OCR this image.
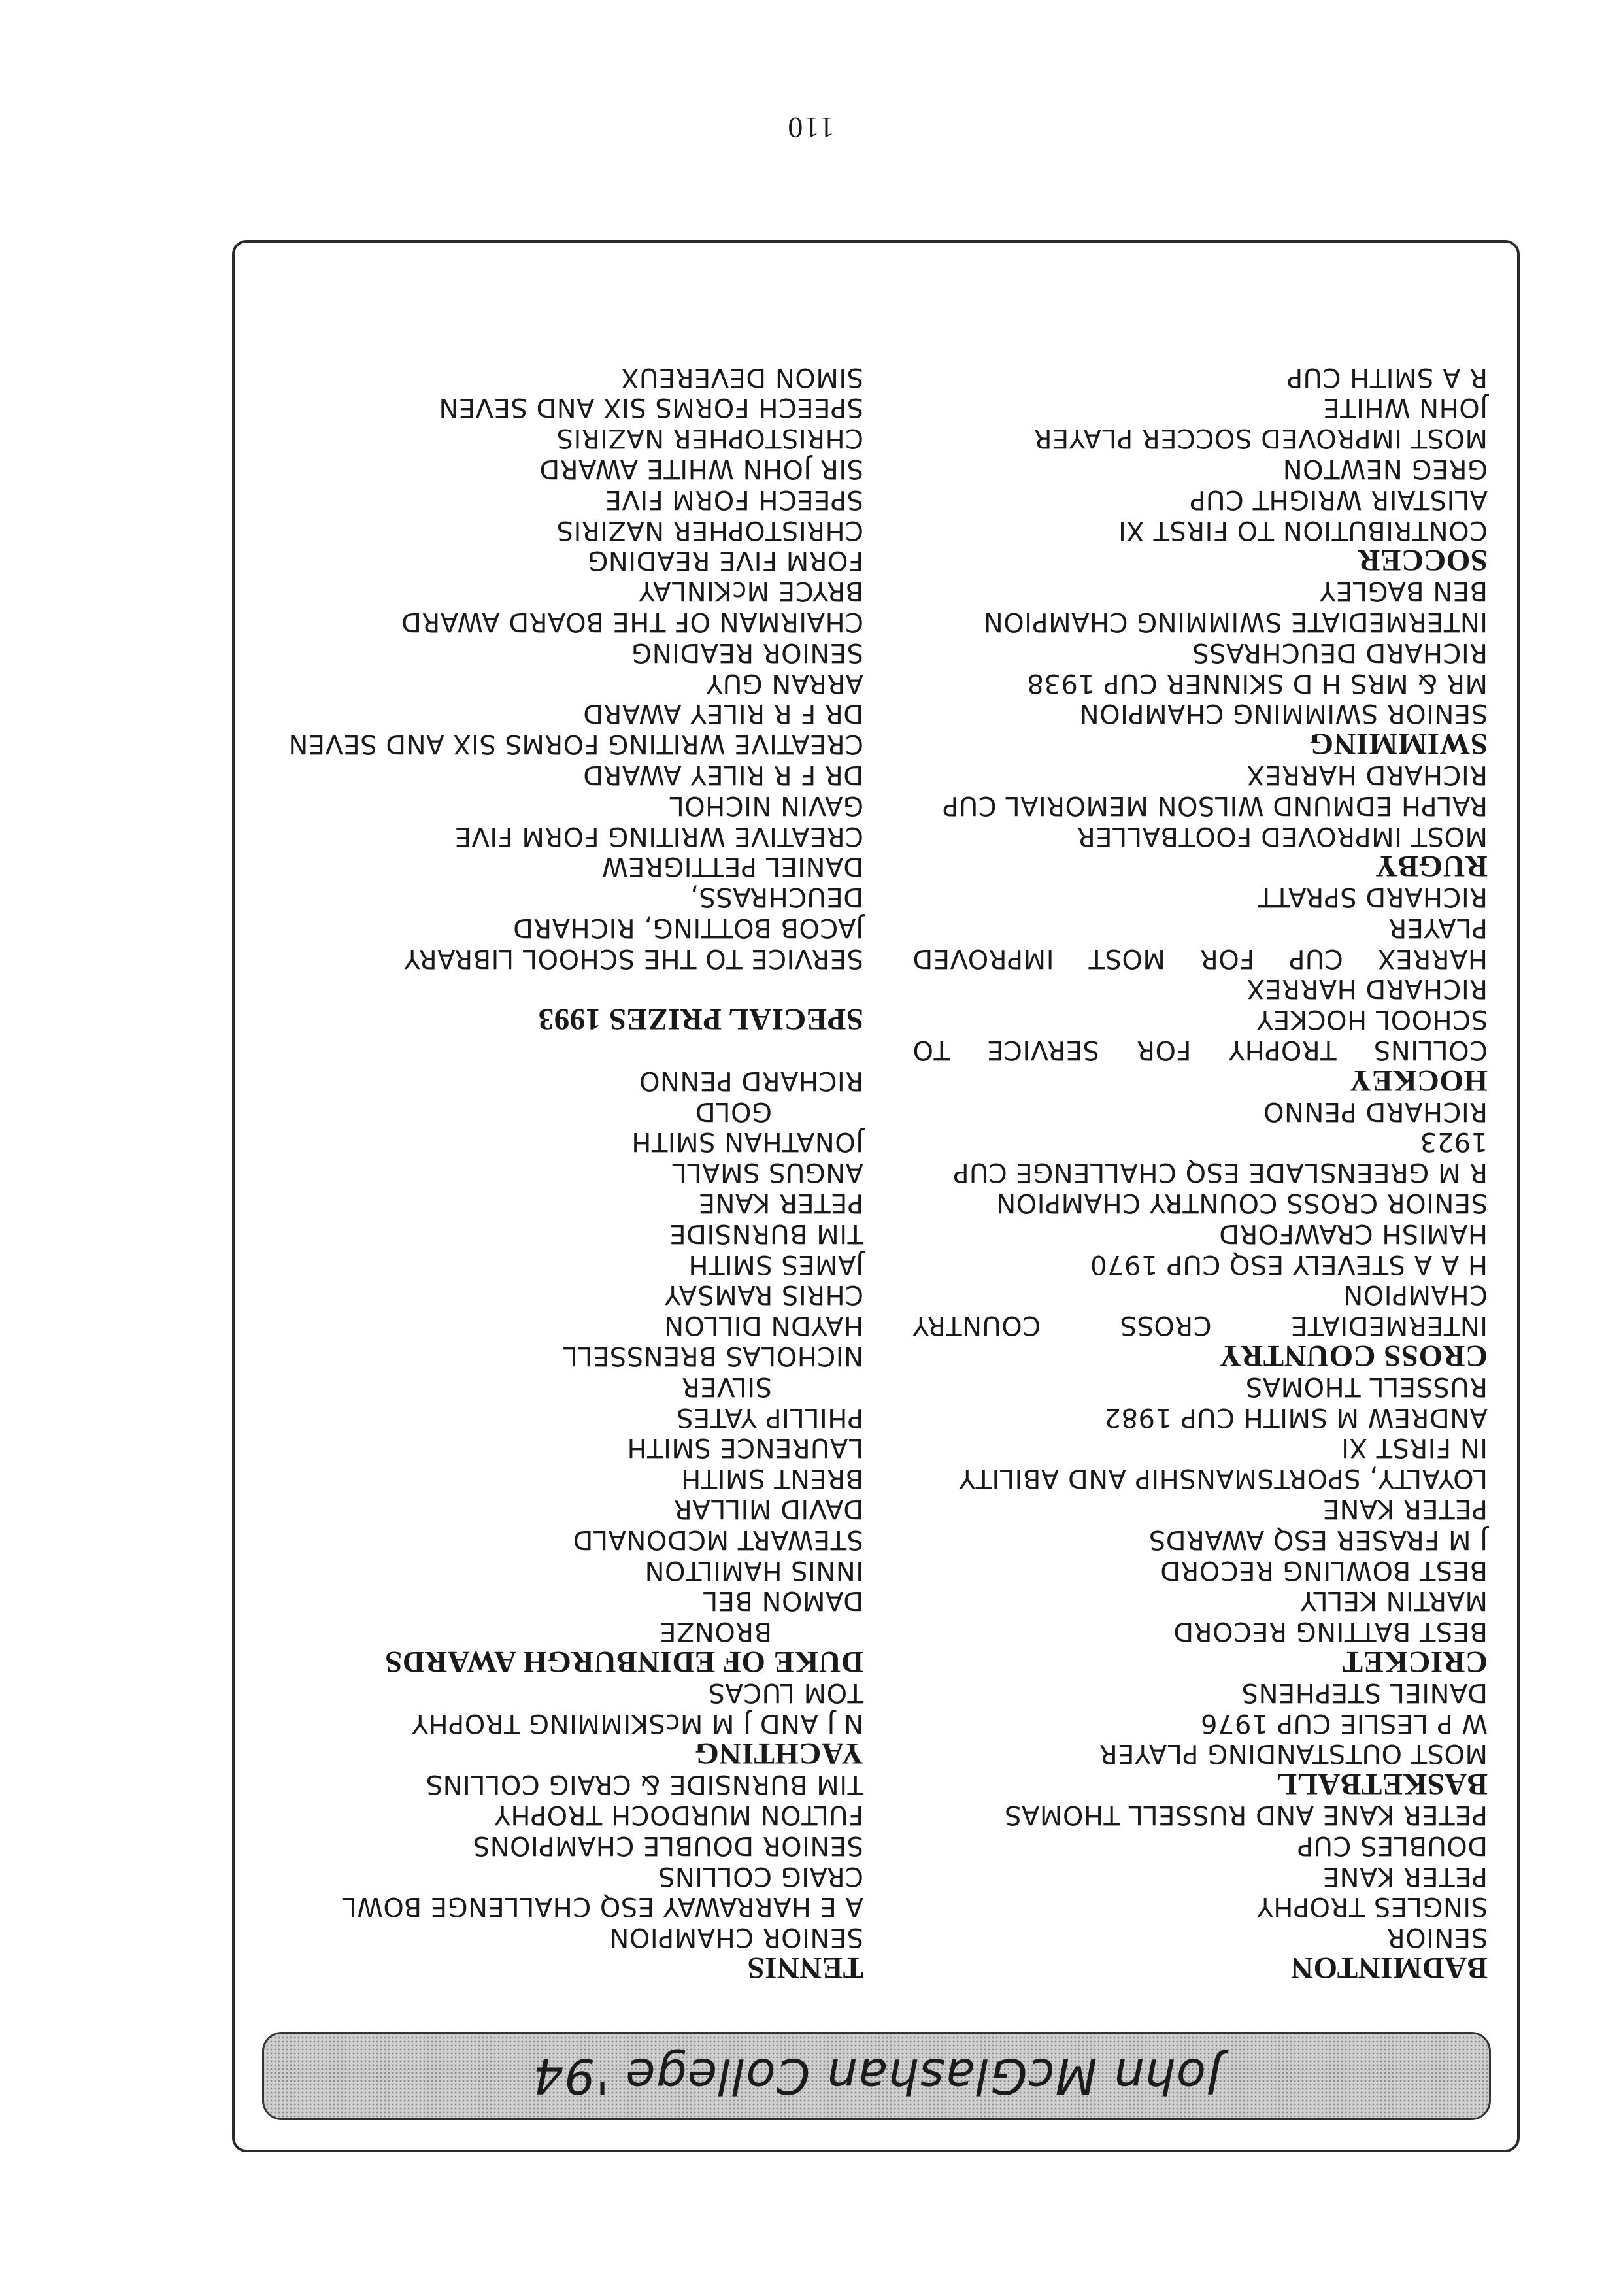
John McGlashan College '94
BADMINTON
SENIOR
SINGLES TROPHY
PETER KANE
DOUBLES CUP
PETER KANE AND RUSSELL THOMAS
BASKETBALL
MOST OUTSTANDING PLAYER
W P LESLIE CUP 1976
DANIEL STEPHENS
CRICKET
BEST BATTING RECORD
MARTIN KELLY
BEST BOWLING RECORD
J M FRASER ESQ AWARDS
PETER KANE
LOYALTY, SPORTSMANSHIP AND ABILITY
IN FIRST XI
ANDREW M SMITH CUP 1982
RUSSELL THOMAS
CROSS COUNTRY
INTERMEDIATE CROSS COUNTRY
CHAMPION
H A A STEVELY ESQ CUP 1970
HAMISH CRAWFORD
SENIOR CROSS COUNTRY CHAMPION
R M GREENSLADE ESQ CHALLENGE CUP
1923
RICHARD PENNO
HOCKEY
COLLINS TROPHY FOR SERVICE TO
SCHOOL HOCKEY
RICHARD HARREX
HARREX CUP FOR MOST IMPROVED
PLAYER
RICHARD SPRATT
RUGBY
MOST IMPROVED FOOTBALLER
RALPH EDMUND WILSON MEMORIAL CUP
RICHARD HARREX
SWIMMING
SENIOR SWIMMING CHAMPION
MR & MRS H D SKINNER CUP 1938
RICHARD DEUCHRASS
INTERMEDIATE SWIMMING CHAMPION
BEN BAGLEY
SOCCER
CONTRIBUTION TO FIRST XI
ALISTAIR WRIGHT CUP
GREG NEWTON
MOST IMPROVED SOCCER PLAYER
JOHN WHITE
R A SMITH CUP
TENNIS
SENIOR CHAMPION
A E HARRAWAY ESQ CHALLENGE BOWL
CRAIG COLLINS
SENIOR DOUBLE CHAMPIONS
FULTON MURDOCH TROPHY
TIM BURNSIDE & CRAIG COLLINS
YACHTING
N J AND J M McSKIMMING TROPHY
TOM LUCAS
DUKE OF EDINBURGH AWARDS
BRONZE
DAMON BEL
INNIS HAMILTON
STEWART MCDONALD
DAVID MILLAR
BRENT SMITH
LAURENCE SMITH
PHILLIP YATES
SILVER
NICHOLAS BRENSSELL
HAYDN DILLON
CHRIS RAMSAY
JAMES SMITH
TIM BURNSIDE
PETER KANE
ANGUS SMALL
JONATHAN SMITH
GOLD
RICHARD PENNO

SPECIAL PRIZES 1993

SERVICE TO THE SCHOOL LIBRARY
JACOB BOTTING, RICHARD
DEUCHRASS,
DANIEL PETTIGREW
CREATIVE WRITING FORM FIVE
GAVIN NICHOL
DR F R RILEY AWARD
CREATIVE WRITING FORMS SIX AND SEVEN
DR F R RILEY AWARD
ARRAN GUY
SENIOR READING
CHAIRMAN OF THE BOARD AWARD
BRYCE McKINLAY
FORM FIVE READING
CHRISTOPHER NAZIRIS
SPEECH FORM FIVE
SIR JOHN WHITE AWARD
CHRISTOPHER NAZIRIS
SPEECH FORMS SIX AND SEVEN
SIMON DEVEREUX
110
